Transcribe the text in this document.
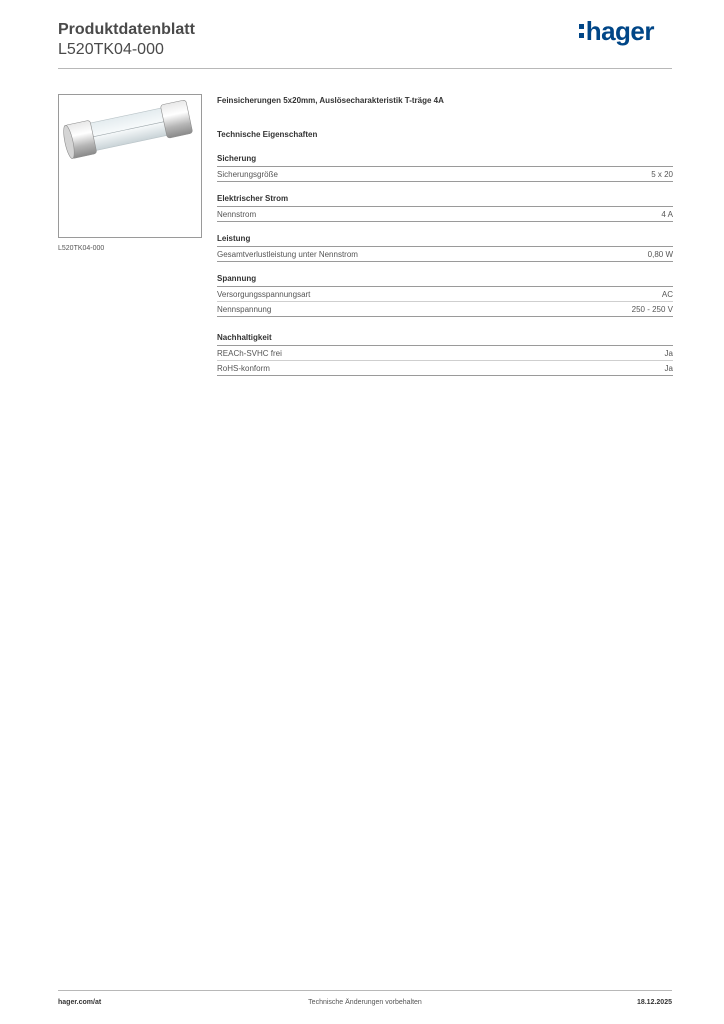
Produktdatenblatt
L520TK04-000
hager
L520TK04-000
Feinsicherungen 5x20mm, Auslösecharakteristik T-träge 4A
Technische Eigenschaften
Sicherung
Sicherungsgröße	5 x 20
Elektrischer Strom
Nennstrom	4 A
Leistung
Gesamtverlustleistung unter Nennstrom	0,80 W
Spannung
Versorgungsspannungsart	AC
Nennspannung	250 - 250 V
Nachhaltigkeit
REACh-SVHC frei	Ja
RoHS-konform	Ja
hager.com/at	Technische Änderungen vorbehalten	18.12.2025
